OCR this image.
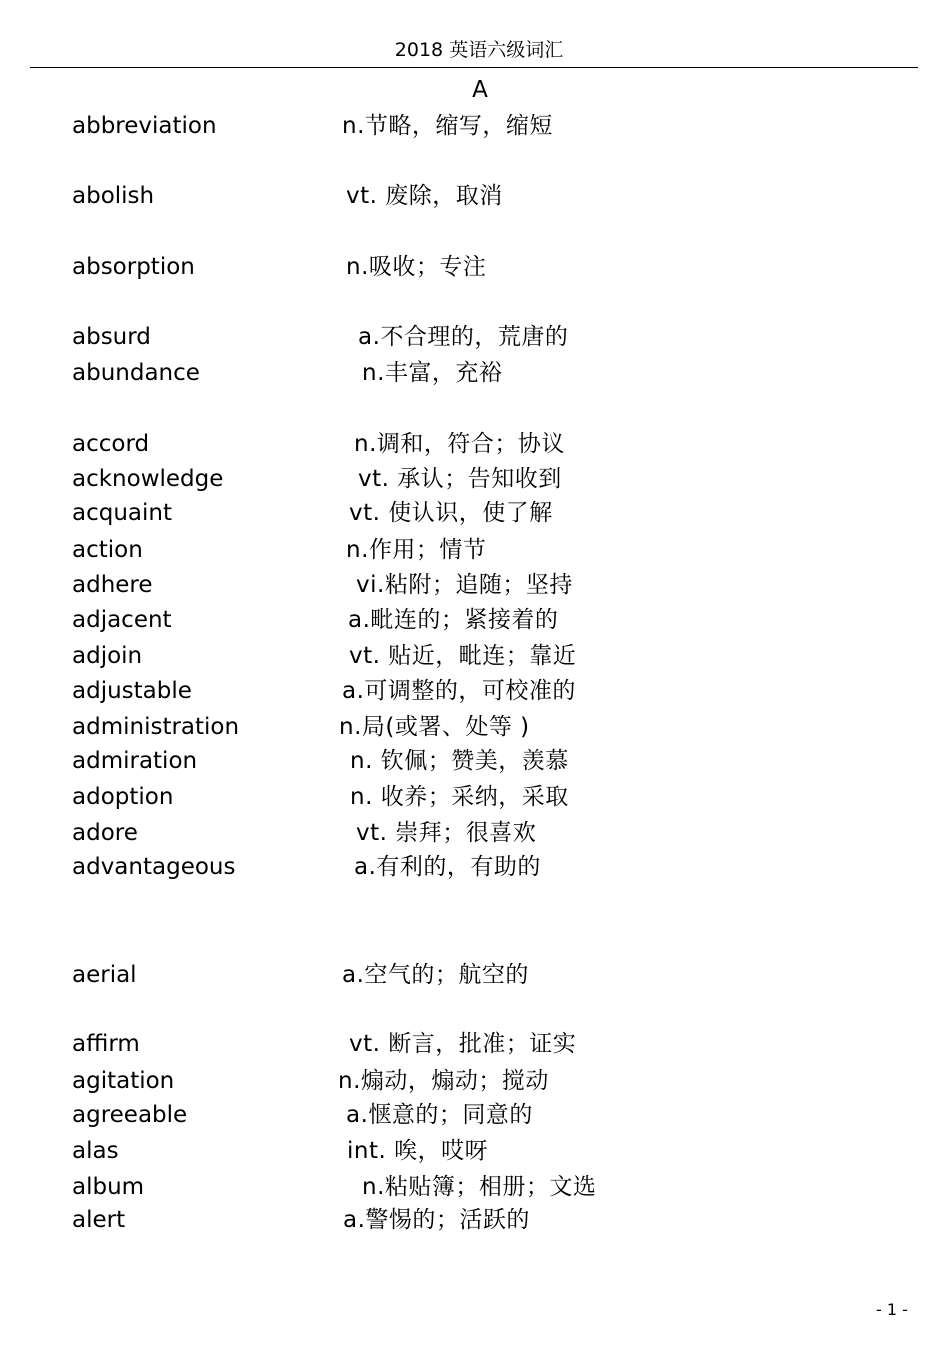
2018 英语六级词汇
A
abbreviation	n.节略，缩写，缩短
abolish	vt. 废除，取消
absorption	n.吸收；专注
absurd	a.不合理的，荒唐的
abundance	n.丰富，充裕
accord	n.调和，符合；协议
acknowledge	vt. 承认；告知收到
acquaint	vt. 使认识，使了解
action	n.作用；情节
adhere	vi.粘附；追随；坚持
adjacent	a.毗连的；紧接着的
adjoin	vt. 贴近，毗连；靠近
adjustable	a.可调整的，可校准的
administration	n.局(或署、处等 )
admiration	n. 钦佩；赞美，羡慕
adoption	n. 收养；采纳，采取
adore	vt. 崇拜；很喜欢
advantageous	a.有利的，有助的
aerial	a.空气的；航空的
affirm	vt. 断言，批准；证实
agitation	n.煽动，煽动；搅动
agreeable	a.惬意的；同意的
alas	int. 唉，哎呀
album	n.粘贴簿；相册；文选
alert	a.警惕的；活跃的
- 1 -
